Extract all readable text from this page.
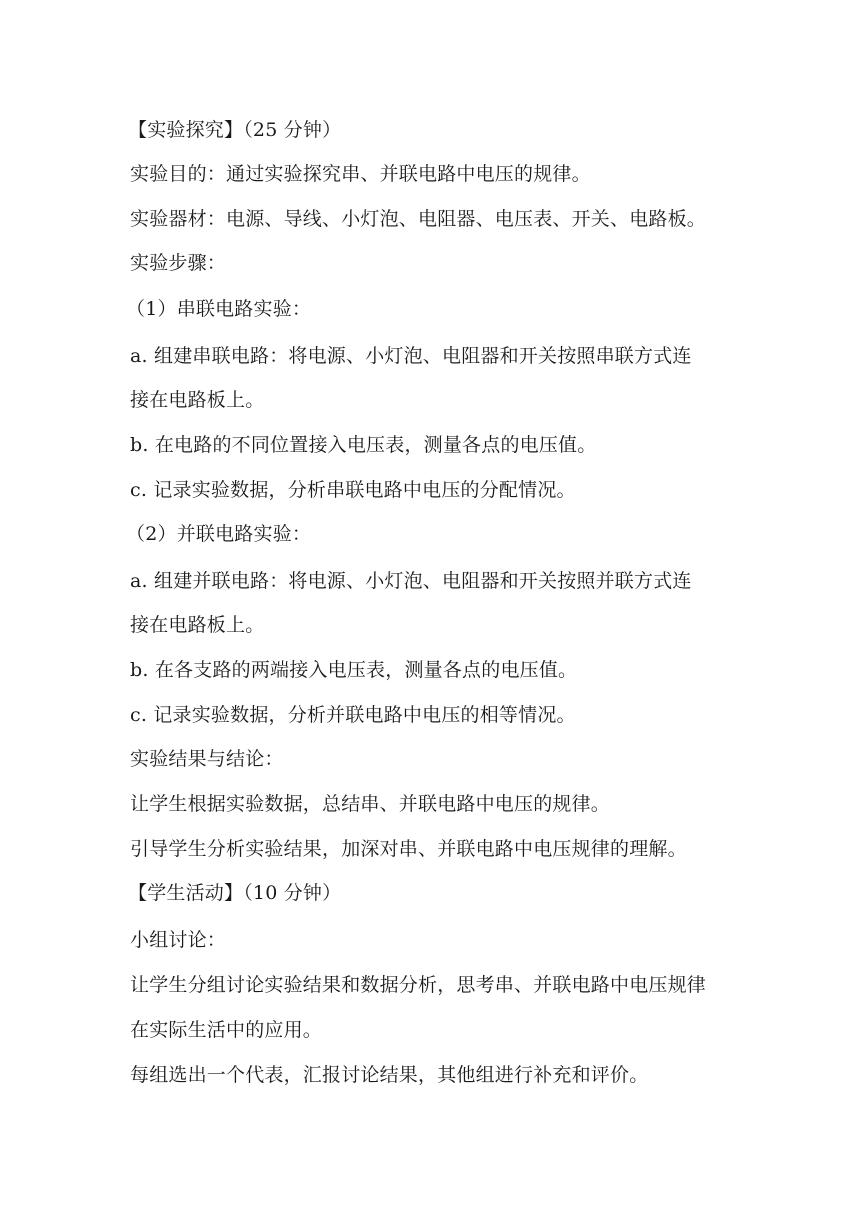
【实验探究】（25 分钟）
实验目的：通过实验探究串、并联电路中电压的规律。
实验器材：电源、导线、小灯泡、电阻器、电压表、开关、电路板。
实验步骤：
（1）串联电路实验：
a. 组建串联电路：将电源、小灯泡、电阻器和开关按照串联方式连
接在电路板上。
b. 在电路的不同位置接入电压表，测量各点的电压值。
c. 记录实验数据，分析串联电路中电压的分配情况。
（2）并联电路实验：
a. 组建并联电路：将电源、小灯泡、电阻器和开关按照并联方式连
接在电路板上。
b. 在各支路的两端接入电压表，测量各点的电压值。
c. 记录实验数据，分析并联电路中电压的相等情况。
实验结果与结论：
让学生根据实验数据，总结串、并联电路中电压的规律。
引导学生分析实验结果，加深对串、并联电路中电压规律的理解。
【学生活动】（10 分钟）
小组讨论：
让学生分组讨论实验结果和数据分析，思考串、并联电路中电压规律
在实际生活中的应用。
每组选出一个代表，汇报讨论结果，其他组进行补充和评价。
